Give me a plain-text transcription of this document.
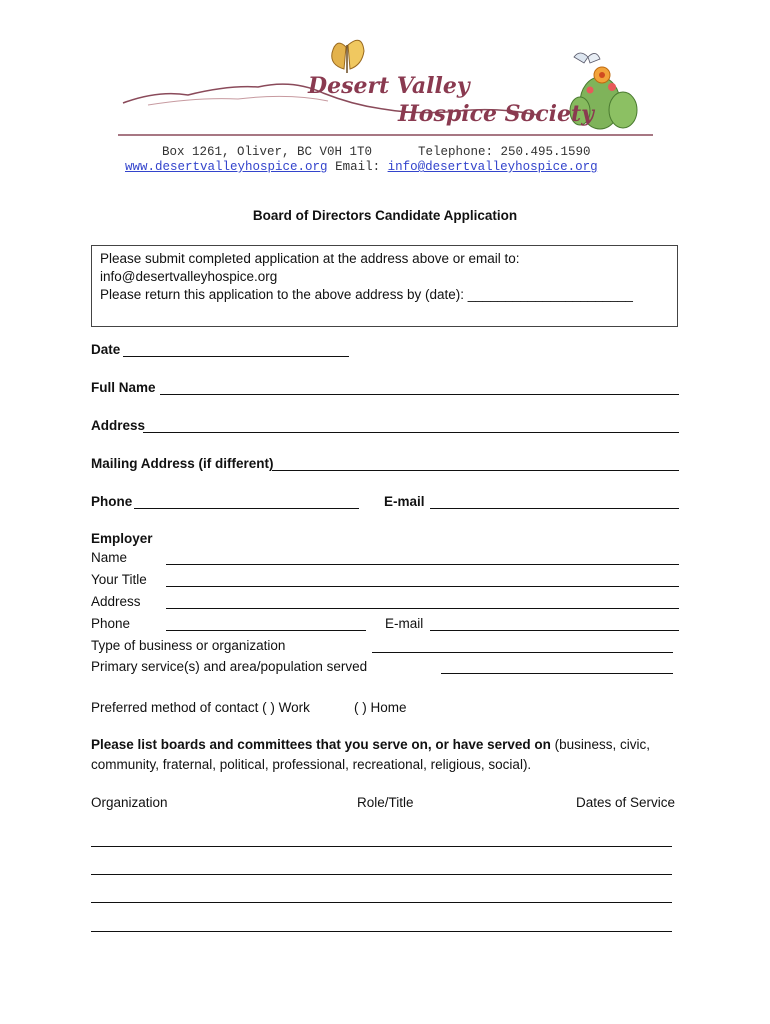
Desert Valley
Hospice Society
Box 1261, Oliver, BC V0H 1T0	Telephone: 250.495.1590
www.desertvalleyhospice.org Email: info@desertvalleyhospice.org
Board of Directors Candidate Application
Please submit completed application at the address above or email to:
info@desertvalleyhospice.org
Please return this application to the above address by (date): ______________________
Date
Full Name
Address
Mailing Address (if different)
Phone	E-mail
Employer
Name
Your Title
Address
Phone	E-mail
Type of business or organization
Primary service(s) and area/population served
Preferred method of contact ( ) Work	( ) Home
Please list boards and committees that you serve on, or have served on (business, civic,
community, fraternal, political, professional, recreational, religious, social).
Organization	Role/Title	Dates of Service
